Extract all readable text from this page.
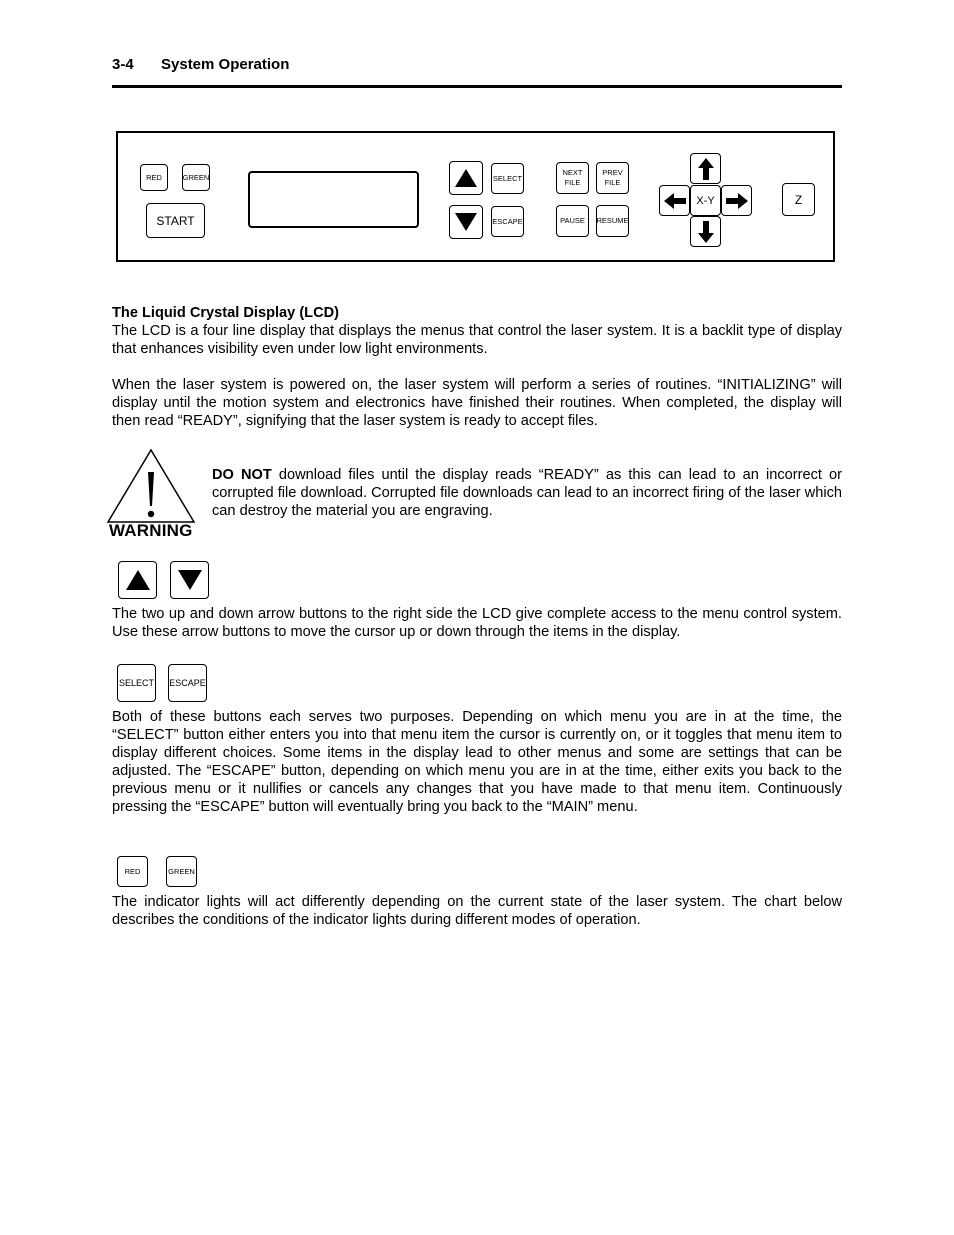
3-4 System Operation
RED	GREEN
START
SELECT
ESCAPE
NEXT
FILE
PREV
FILE
PAUSE	RESUME
X-Y	Z
The Liquid Crystal Display (LCD)
The LCD is a four line display that displays the menus that control the laser system. It is a backlit type of display that enhances visibility even under low light environments.
When the laser system is powered on, the laser system will perform a series of routines. “INITIALIZING” will display until the motion system and electronics have finished their routines. When completed, the display will then read “READY”, signifying that the laser system is ready to accept files.
WARNING
DO NOT download files until the display reads “READY” as this can lead to an incorrect or corrupted file download. Corrupted file downloads can lead to an incorrect firing of the laser which can destroy the material you are engraving.
The two up and down arrow buttons to the right side the LCD give complete access to the menu control system. Use these arrow buttons to move the cursor up or down through the items in the display.
SELECT ESCAPE
Both of these buttons each serves two purposes. Depending on which menu you are in at the time, the “SELECT” button either enters you into that menu item the cursor is currently on, or it toggles that menu item to display different choices. Some items in the display lead to other menus and some are settings that can be adjusted. The “ESCAPE” button, depending on which menu you are in at the time, either exits you back to the previous menu or it nullifies or cancels any changes that you have made to that menu item. Continuously pressing the “ESCAPE” button will eventually bring you back to the “MAIN” menu.
RED	GREEN
The indicator lights will act differently depending on the current state of the laser system. The chart below describes the conditions of the indicator lights during different modes of operation.
